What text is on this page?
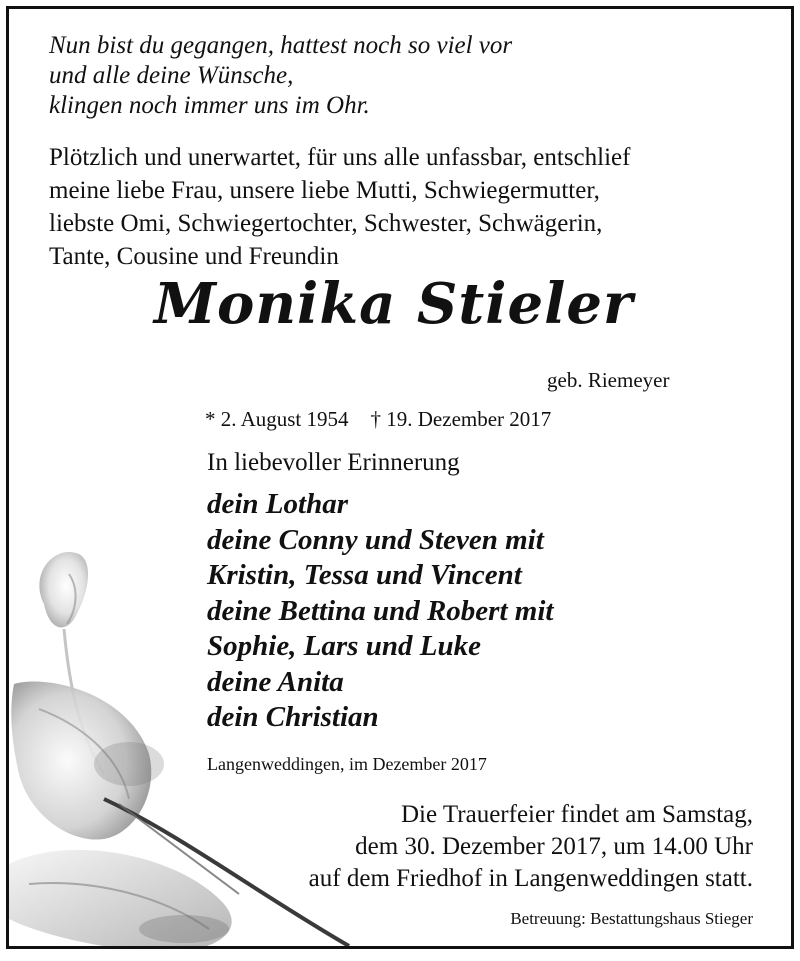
Nun bist du gegangen, hattest noch so viel vor
und alle deine Wünsche,
klingen noch immer uns im Ohr.
Plötzlich und unerwartet, für uns alle unfassbar, entschlief
meine liebe Frau, unsere liebe Mutti, Schwiegermutter,
liebste Omi, Schwiegertochter, Schwester, Schwägerin,
Tante, Cousine und Freundin
Monika Stieler
geb. Riemeyer
* 2. August 1954 † 19. Dezember 2017
In liebevoller Erinnerung
dein Lothar
deine Conny und Steven mit
Kristin, Tessa und Vincent
deine Bettina und Robert mit
Sophie, Lars und Luke
deine Anita
dein Christian
Langenweddingen, im Dezember 2017
Die Trauerfeier findet am Samstag,
dem 30. Dezember 2017, um 14.00 Uhr
auf dem Friedhof in Langenweddingen statt.
Betreuung: Bestattungshaus Stieger
